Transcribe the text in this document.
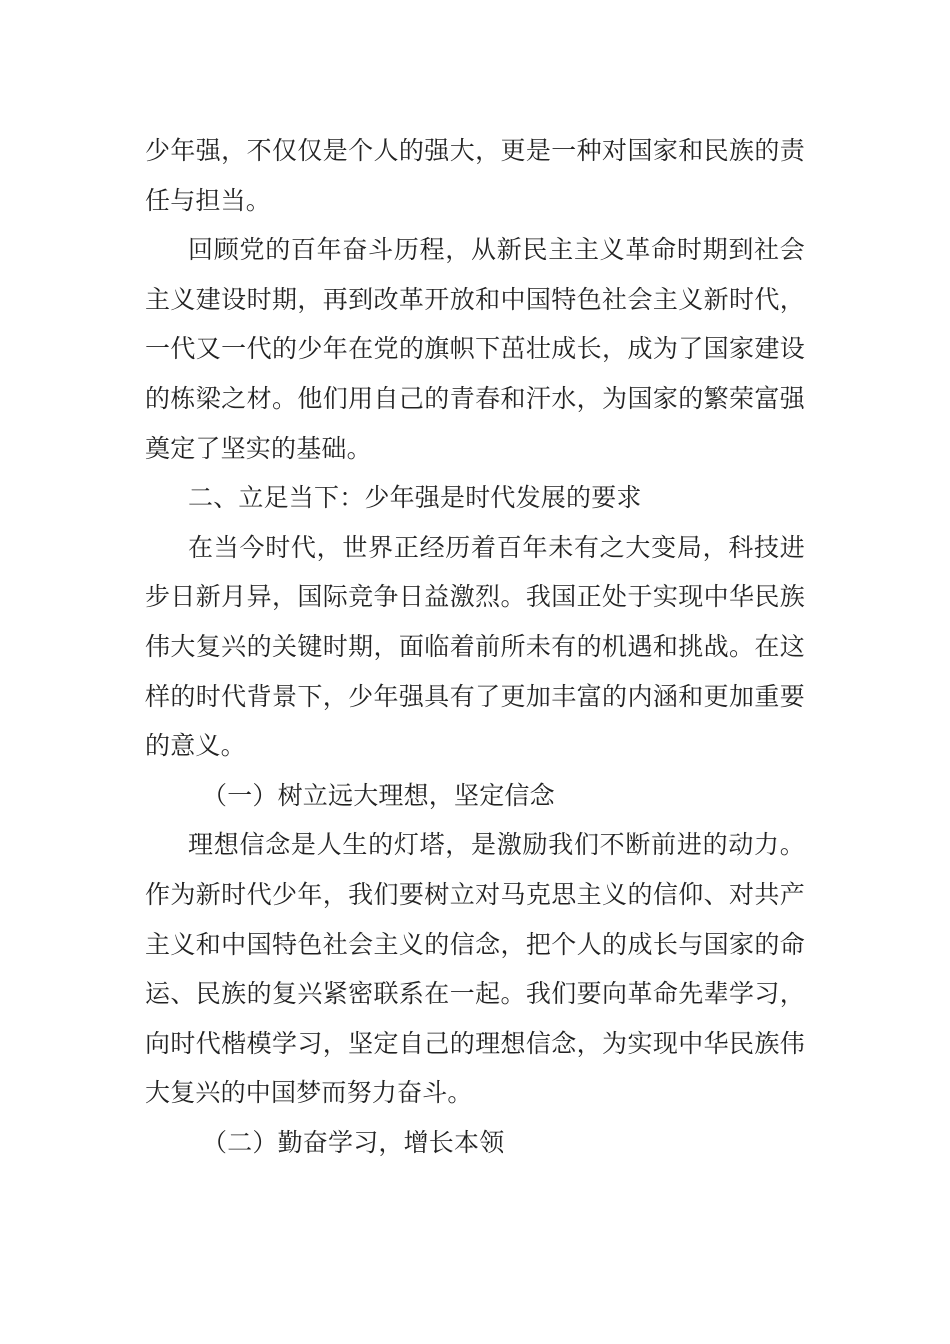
少年强，不仅仅是个人的强大，更是一种对国家和民族的责任与担当。

回顾党的百年奋斗历程，从新民主主义革命时期到社会主义建设时期，再到改革开放和中国特色社会主义新时代，一代又一代的少年在党的旗帜下茁壮成长，成为了国家建设的栋梁之材。他们用自己的青春和汗水，为国家的繁荣富强奠定了坚实的基础。

二、立足当下：少年强是时代发展的要求

在当今时代，世界正经历着百年未有之大变局，科技进步日新月异，国际竞争日益激烈。我国正处于实现中华民族伟大复兴的关键时期，面临着前所未有的机遇和挑战。在这样的时代背景下，少年强具有了更加丰富的内涵和更加重要的意义。

（一）树立远大理想，坚定信念

理想信念是人生的灯塔，是激励我们不断前进的动力。作为新时代少年，我们要树立对马克思主义的信仰、对共产主义和中国特色社会主义的信念，把个人的成长与国家的命运、民族的复兴紧密联系在一起。我们要向革命先辈学习，向时代楷模学习，坚定自己的理想信念，为实现中华民族伟大复兴的中国梦而努力奋斗。

（二）勤奋学习，增长本领
